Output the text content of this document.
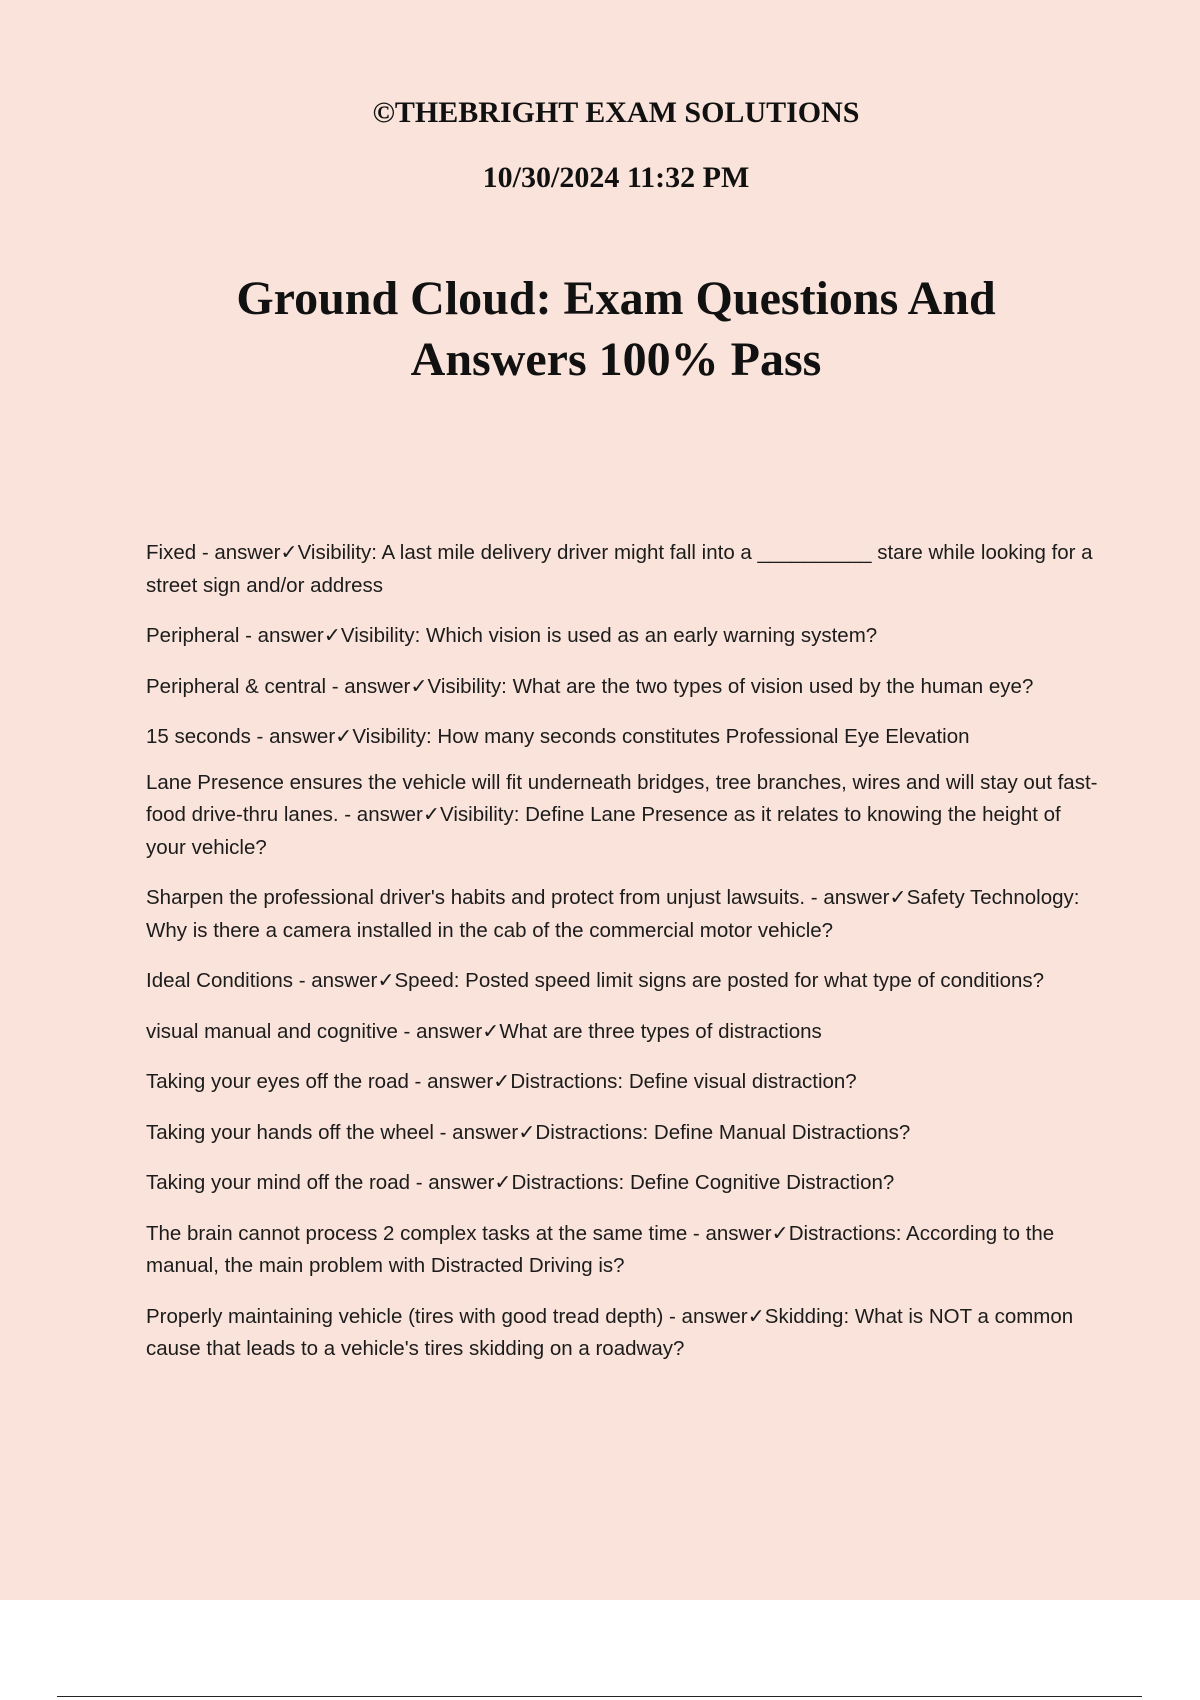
©THEBRIGHT EXAM SOLUTIONS
10/30/2024 11:32 PM
Ground Cloud: Exam Questions And
Answers 100% Pass
Fixed - answer✓Visibility: A last mile delivery driver might fall into a __________ stare while looking for a street sign and/or address
Peripheral - answer✓Visibility: Which vision is used as an early warning system?
Peripheral & central - answer✓Visibility: What are the two types of vision used by the human eye?
15 seconds - answer✓Visibility: How many seconds constitutes Professional Eye Elevation
Lane Presence ensures the vehicle will fit underneath bridges, tree branches, wires and will stay out fast-food drive-thru lanes. - answer✓Visibility: Define Lane Presence as it relates to knowing the height of your vehicle?
Sharpen the professional driver's habits and protect from unjust lawsuits. - answer✓Safety Technology: Why is there a camera installed in the cab of the commercial motor vehicle?
Ideal Conditions - answer✓Speed: Posted speed limit signs are posted for what type of conditions?
visual manual and cognitive - answer✓What are three types of distractions
Taking your eyes off the road - answer✓Distractions: Define visual distraction?
Taking your hands off the wheel - answer✓Distractions: Define Manual Distractions?
Taking your mind off the road - answer✓Distractions: Define Cognitive Distraction?
The brain cannot process 2 complex tasks at the same time - answer✓Distractions: According to the manual, the main problem with Distracted Driving is?
Properly maintaining vehicle (tires with good tread depth) - answer✓Skidding: What is NOT a common cause that leads to a vehicle's tires skidding on a roadway?
